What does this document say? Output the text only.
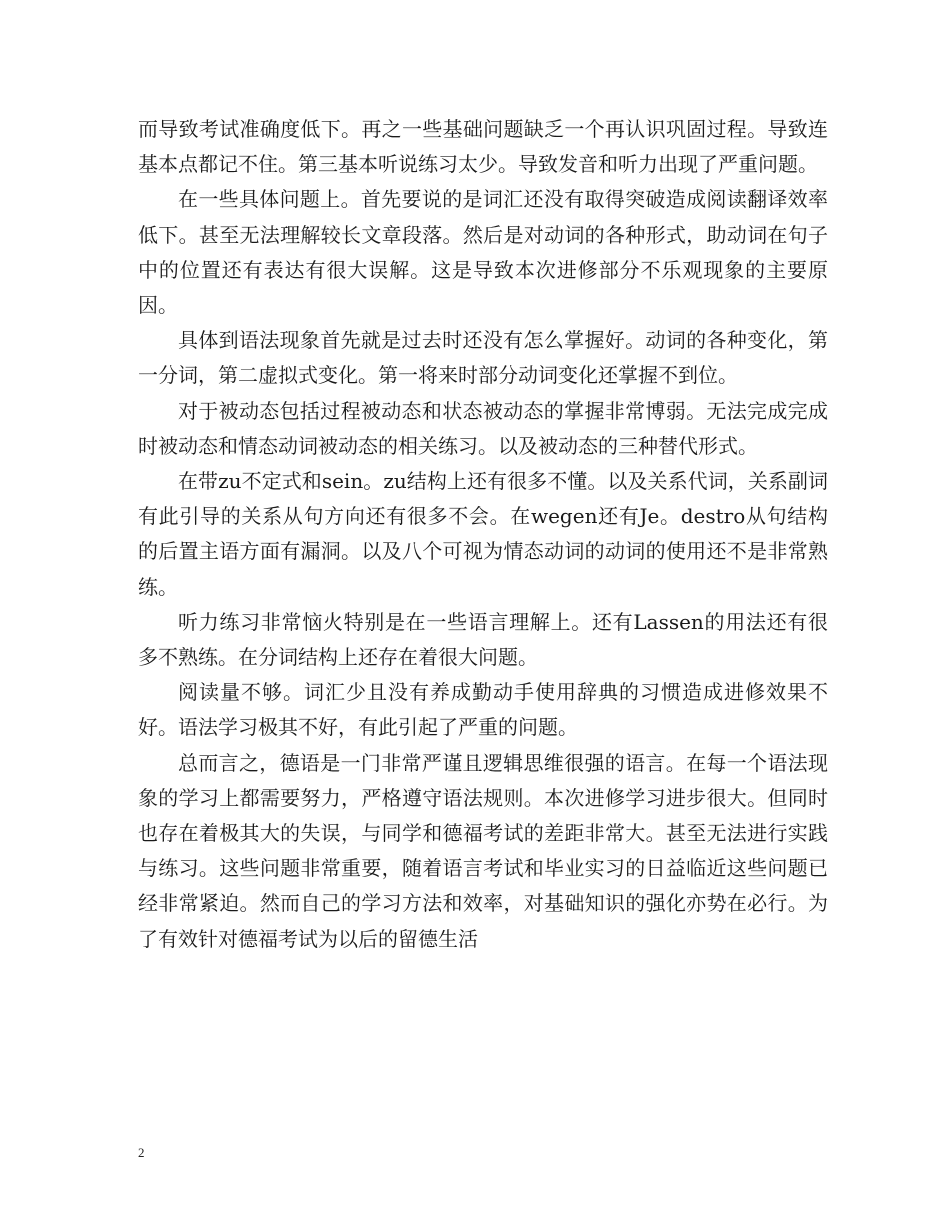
而导致考试准确度低下。再之一些基础问题缺乏一个再认识巩固过程。导致连基本点都记不住。第三基本听说练习太少。导致发音和听力出现了严重问题。

在一些具体问题上。首先要说的是词汇还没有取得突破造成阅读翻译效率低下。甚至无法理解较长文章段落。然后是对动词的各种形式，助动词在句子中的位置还有表达有很大误解。这是导致本次进修部分不乐观现象的主要原因。

具体到语法现象首先就是过去时还没有怎么掌握好。动词的各种变化，第一分词，第二虚拟式变化。第一将来时部分动词变化还掌握不到位。

对于被动态包括过程被动态和状态被动态的掌握非常博弱。无法完成完成时被动态和情态动词被动态的相关练习。以及被动态的三种替代形式。

在带zu不定式和sein。zu结构上还有很多不懂。以及关系代词，关系副词有此引导的关系从句方向还有很多不会。在wegen还有Je。destro从句结构的后置主语方面有漏洞。以及八个可视为情态动词的动词的使用还不是非常熟练。

听力练习非常恼火特别是在一些语言理解上。还有Lassen的用法还有很多不熟练。在分词结构上还存在着很大问题。

阅读量不够。词汇少且没有养成勤动手使用辞典的习惯造成进修效果不好。语法学习极其不好，有此引起了严重的问题。

总而言之，德语是一门非常严谨且逻辑思维很强的语言。在每一个语法现象的学习上都需要努力，严格遵守语法规则。本次进修学习进步很大。但同时也存在着极其大的失误，与同学和德福考试的差距非常大。甚至无法进行实践与练习。这些问题非常重要，随着语言考试和毕业实习的日益临近这些问题已经非常紧迫。然而自己的学习方法和效率，对基础知识的强化亦势在必行。为了有效针对德福考试为以后的留德生活

2
